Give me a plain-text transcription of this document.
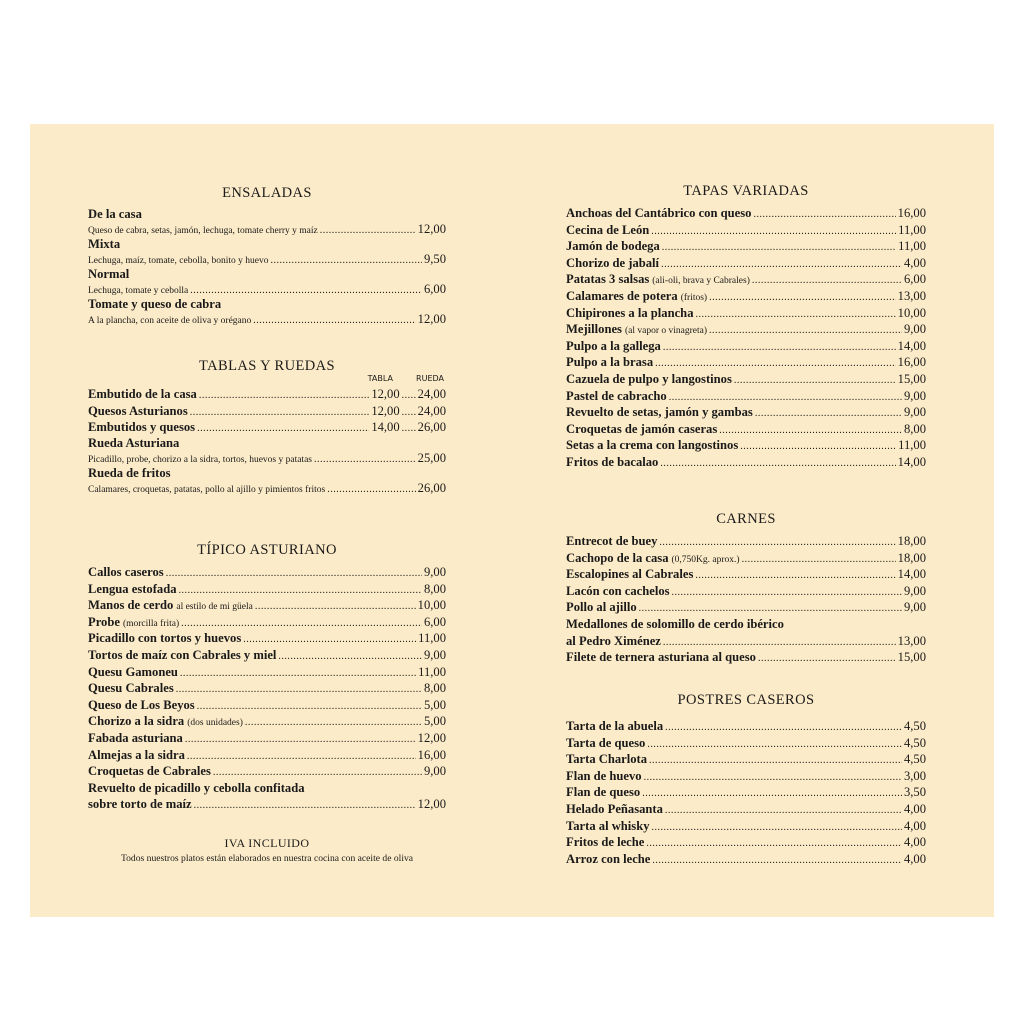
ENSALADAS
De la casa
Queso de cabra, setas, jamón, lechuga, tomate cherry y maíz .....	12,00
Mixta
Lechuga, maíz, tomate, cebolla, bonito y huevo .....	9,50
Normal
Lechuga, tomate y cebolla .....	6,00
Tomate y queso de cabra
A la plancha, con aceite de oliva y orégano .....	12,00
TABLAS Y RUEDAS
TABLA	RUEDA
Embutido de la casa .....	12,00 ..... 24,00
Quesos Asturianos .....	12,00 ..... 24,00
Embutidos y quesos .....	14,00 ..... 26,00
Rueda Asturiana
Picadillo, probe, chorizo a la sidra, tortos, huevos y patatas .....	25,00
Rueda de fritos
Calamares, croquetas, patatas, pollo al ajillo y pimientos fritos .....	26,00
TÍPICO ASTURIANO
Callos caseros .....	9,00
Lengua estofada .....	8,00
Manos de cerdo al estilo de mi güela .....	10,00
Probe (morcilla frita) .....	6,00
Picadillo con tortos y huevos .....	11,00
Tortos de maíz con Cabrales y miel .....	9,00
Quesu Gamoneu .....	11,00
Quesu Cabrales .....	8,00
Queso de Los Beyos .....	5,00
Chorizo a la sidra (dos unidades) .....	5,00
Fabada asturiana .....	12,00
Almejas a la sidra .....	16,00
Croquetas de Cabrales .....	9,00
Revuelto de picadillo y cebolla confitada
sobre torto de maíz .....	12,00
IVA INCLUIDO
Todos nuestros platos están elaborados en nuestra cocina con aceite de oliva
TAPAS VARIADAS
Anchoas del Cantábrico con queso .....	16,00
Cecina de León .....	11,00
Jamón de bodega .....	11,00
Chorizo de jabalí .....	4,00
Patatas 3 salsas (ali-oli, brava y Cabrales) .....	6,00
Calamares de potera (fritos) .....	13,00
Chipirones a la plancha .....	10,00
Mejillones (al vapor o vinagreta) .....	9,00
Pulpo a la gallega .....	14,00
Pulpo a la brasa .....	16,00
Cazuela de pulpo y langostinos .....	15,00
Pastel de cabracho .....	9,00
Revuelto de setas, jamón y gambas .....	9,00
Croquetas de jamón caseras .....	8,00
Setas a la crema con langostinos .....	11,00
Fritos de bacalao .....	14,00
CARNES
Entrecot de buey .....	18,00
Cachopo de la casa (0,750Kg. aprox.) .....	18,00
Escalopines al Cabrales .....	14,00
Lacón con cachelos .....	9,00
Pollo al ajillo .....	9,00
Medallones de solomillo de cerdo ibérico
al Pedro Ximénez .....	13,00
Filete de ternera asturiana al queso .....	15,00
POSTRES CASEROS
Tarta de la abuela .....	4,50
Tarta de queso .....	4,50
Tarta Charlota .....	4,50
Flan de huevo .....	3,00
Flan de queso .....	3,50
Helado Peñasanta .....	4,00
Tarta al whisky .....	4,00
Fritos de leche .....	4,00
Arroz con leche .....	4,00
